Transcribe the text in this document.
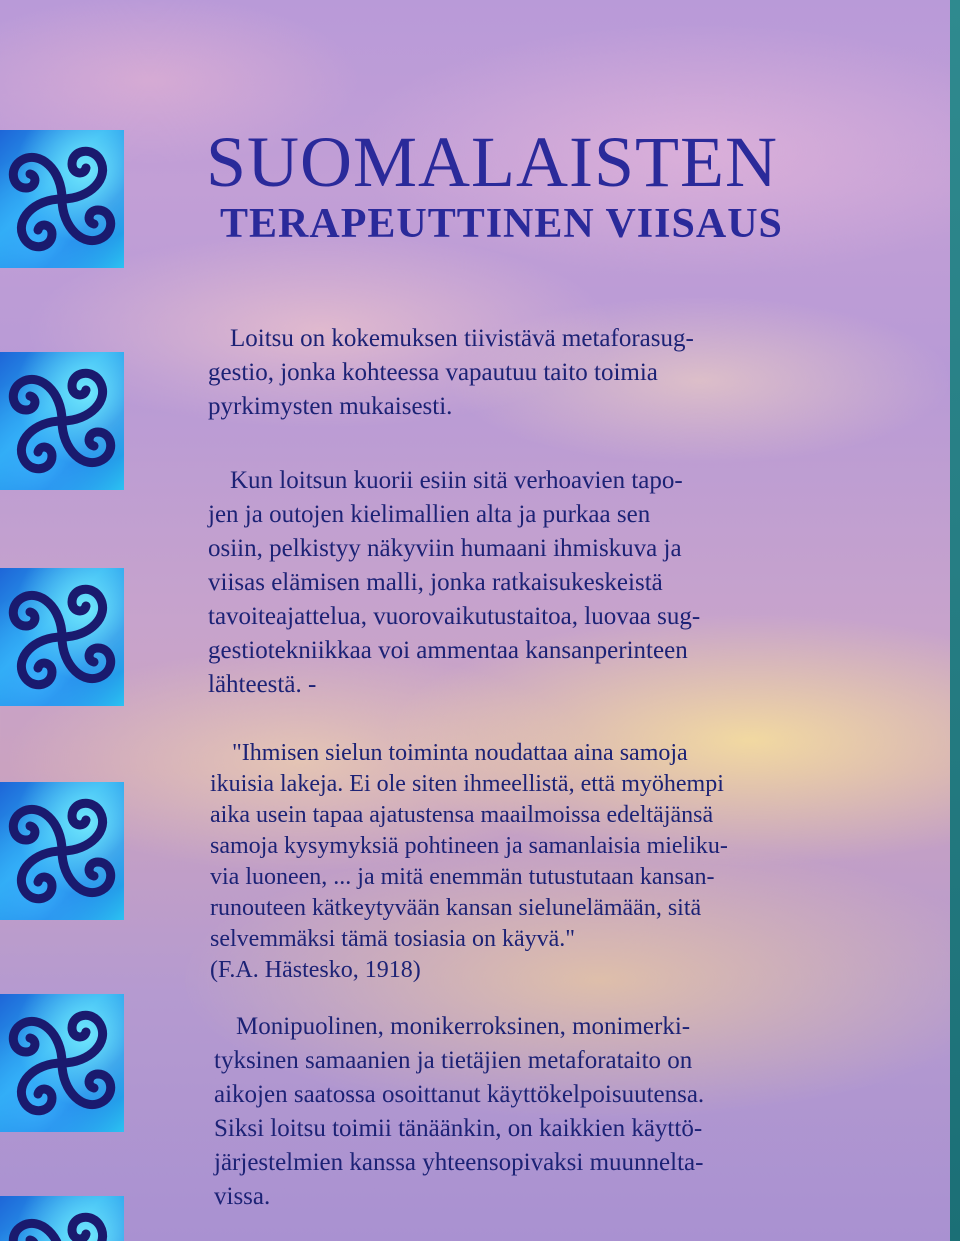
SUOMALAISTEN
TERAPEUTTINEN VIISAUS

Loitsu on kokemuksen tiivistävä metaforasug-
gestio, jonka kohteessa vapautuu taito toimia
pyrkimysten mukaisesti.

Kun loitsun kuorii esiin sitä verhoavien tapo-
jen ja outojen kielimallien alta ja purkaa sen
osiin, pelkistyy näkyviin humaani ihmiskuva ja
viisas elämisen malli, jonka ratkaisukeskeistä
tavoiteajattelua, vuorovaikutustaitoa, luovaa sug-
gestiotekniikkaa voi ammentaa kansanperinteen
lähteestä. -

"Ihmisen sielun toiminta noudattaa aina samoja
ikuisia lakeja. Ei ole siten ihmeellistä, että myöhempi
aika usein tapaa ajatustensa maailmoissa edeltäjänsä
samoja kysymyksiä pohtineen ja samanlaisia mieliku-
via luoneen, ... ja mitä enemmän tutustutaan kansan-
runouteen kätkeytyvään kansan sielunelämään, sitä
selvemmäksi tämä tosiasia on käyvä."
(F.A. Hästesko, 1918)

Monipuolinen, monikerroksinen, monimerki-
tyksinen samaanien ja tietäjien metaforataito on
aikojen saatossa osoittanut käyttökelpoisuutensa.
Siksi loitsu toimii tänäänkin, on kaikkien käyttö-
järjestelmien kanssa yhteensopivaksi muunnelta-
vissa.
